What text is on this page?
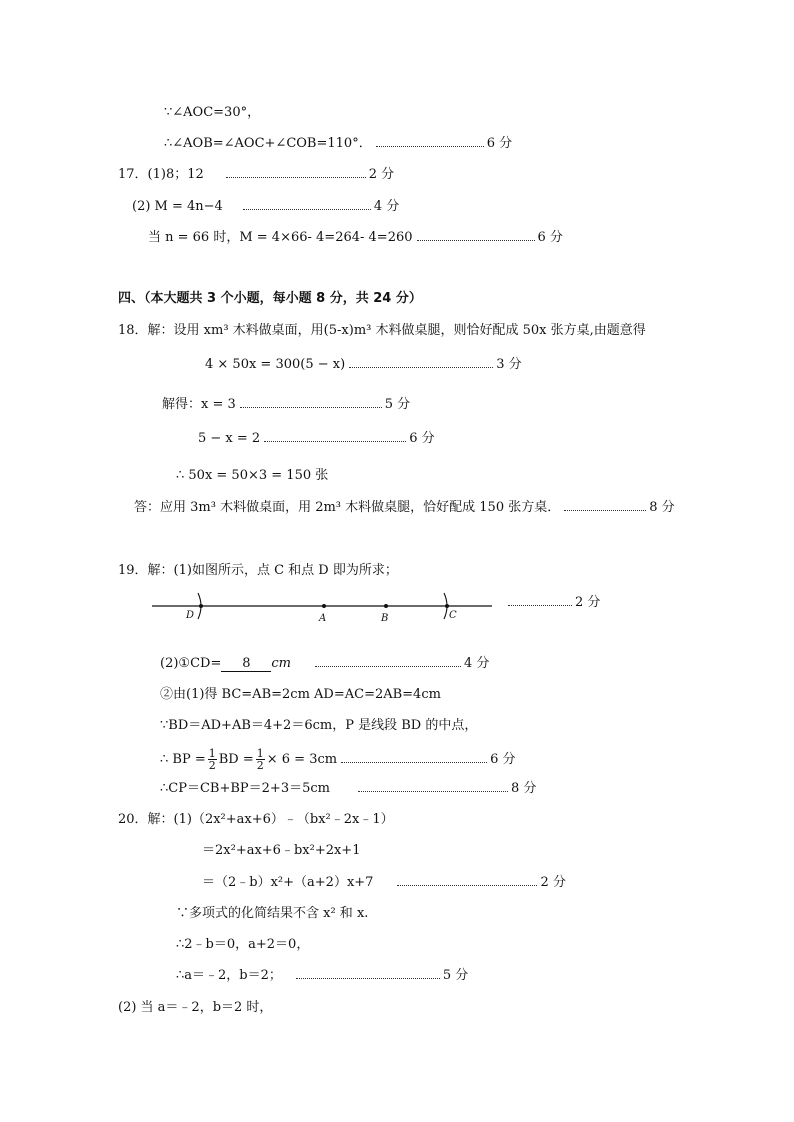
∵∠AOC=30°，
∴∠AOB=∠AOC+∠COB=110°．	6 分
17．(1)8；12	2 分
(2) M = 4n−4	4 分
当 n = 66 时，M = 4×66- 4=264- 4=260	6 分
四、（本大题共 3 个小题，每小题 8 分，共 24 分）
18．解：设用 xm³ 木料做桌面，用(5-x)m³ 木料做桌腿，则恰好配成 50x 张方桌,由题意得
4 × 50x = 300(5 − x)	3 分
解得：x = 3	5 分
5 − x = 2	6 分
∴ 50x = 50×3 = 150 张
答：应用 3m³ 木料做桌面，用 2m³ 木料做桌腿，恰好配成 150 张方桌．	8 分
19．解：(1)如图所示，点 C 和点 D 即为所求；
D	A	B	C
2 分
(2)①CD= 8 cm	4 分
②由(1)得 BC=AB=2cm AD=AC=2AB=4cm
∵BD＝AD+AB＝4+2＝6cm，P 是线段 BD 的中点，
∴ BP = $\frac{1}{2}$ BD = $\frac{1}{2} \times 6 = 3cm$	6 分
∴CP＝CB+BP＝2+3＝5cm	8 分
20．解：(1)（2x²+ax+6）﹣（bx²﹣2x﹣1）
＝2x²+ax+6﹣bx²+2x+1
＝（2﹣b）x²+（a+2）x+7	2 分
∵多项式的化简结果不含 x² 和 x.
∴2﹣b＝0，a+2＝0，
∴a＝﹣2，b＝2；	5 分
(2) 当 a＝﹣2，b＝2 时，
